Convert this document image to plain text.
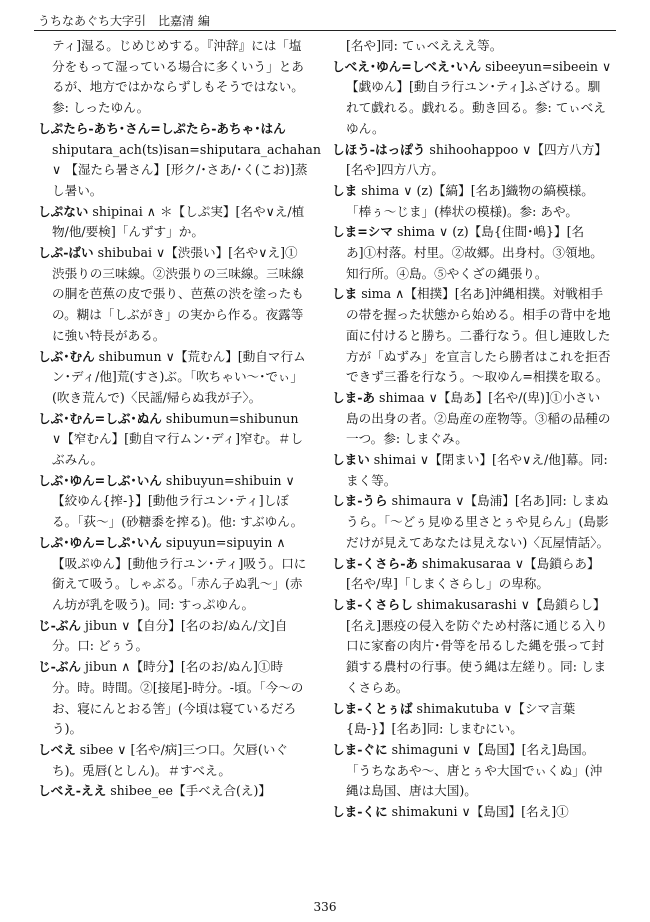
うちなあぐち大字引　比嘉清 編

ティ]湿る。じめじめする。『沖辞』には「塩分をもって湿っている場合に多くいう」とあるが、地方ではかならずしもそうではない。参: しったゆん。

しぷたら-あち･さん=しぷたら-あちゃ･はん shiputara_ach(ts)isan=shiputara_achahan ∨ 【湿たら暑さん】[形ク/･さあ/･く(こお)]蒸し暑い。

しぷない shipinai ∧ ＊【しぷ実】[名や∨え/植物/他/要検]「んずす」か。

しぷ-ばい shibubai ∨【渋張い】[名や∨え]①渋張りの三味線。②渋張りの三味線。三味線の胴を芭蕉の皮で張り、芭蕉の渋を塗ったもの。糊は「しぶがき」の実から作る。夜露等に強い特長がある。

しぶ･むん shibumun ∨【荒むん】[動自マ行ムン･ディ/他]荒(すさ)ぶ。「吹ちゃい～･でぃ」(吹き荒んで)〈民謡/帰らぬ我が子〉。

しぶ･むん=しぶ･ぬん shibumun=shibunun ∨【窄むん】[動自マ行ムン･ディ]窄む。＃しぶみん。

しぶ･ゆん=しぶ･いん shibuyun=shibuin ∨【絞ゆん{搾-}】[動他ラ行ユン･ティ]しぼる。「荻～」(砂糖黍を搾る)。他: すぶゆん。

しぷ･ゆん=しぷ･いん sipuyun=sipuyin ∧【吸ぷゆん】[動他ラ行ユン･ティ]吸う。口に銜えて吸う。しゃぶる。「赤ん子ぬ乳～」(赤ん坊が乳を吸う)。同: すっぷゆん。

じ-ぶん jibun ∨【自分】[名のお/ぬん/文]自分。口: どぅう。

じ-ぶん jibun ∧【時分】[名のお/ぬん]①時分。時。時間。②[接尾]-時分。-頃。「今～のお、寝にんとおる筈」(今頃は寝ているだろう)。

しべえ sibee ∨ [名や/病]三つ口。欠唇(いぐち)。兎唇(としん)。＃すべえ。

しべえ-ええ shibee_ee【手べえ合(え)】

[名や]同: てぃべえええ等。

しべえ･ゆん=しべえ･いん sibeeyun=sibeein ∨【戯ゆん】[動自ラ行ユン･ティ]ふざける。馴れて戯れる。戯れる。動き回る。参: てぃべえゆん。

しほう-はっぽう shihoohappoo ∨【四方八方】[名や]四方八方。

しま shima ∨ (z)【縞】[名あ]織物の縞模様。「棒ぅ～じま」(棒状の模様)。参: あや。

しま=シマ shima ∨ (z)【島{住間･嶋}】[名あ]①村落。村里。②故郷。出身村。③領地。知行所。④島。⑤やくざの縄張り。

しま sima ∧【相撲】[名あ]沖縄相撲。対戦相手の帯を握った状態から始める。相手の背中を地面に付けると勝ち。二番行なう。但し連敗した方が「ぬずみ」を宣言したら勝者はこれを拒否できず三番を行なう。～取ゆん=相撲を取る。

しま-あ shimaa ∨【島あ】[名や/(卑)]①小さい島の出身の者。②島産の産物等。③稲の品種の一つ。参: しまぐみ。

しまい shimai ∨【閉まい】[名や∨え/他]幕。同: まく等。

しま-うら shimaura ∨【島浦】[名あ]同: しまぬうら。「～どぅ見ゆる里さとぅや見らん」(島影だけが見えてあなたは見えない)〈瓦屋情話〉。

しま-くさら-あ shimakusaraa ∨【島鎖らあ】[名や/卑]「しまくさらし」の卑称。

しま-くさらし shimakusarashi ∨【島鎖らし】[名え]悪疫の侵入を防ぐため村落に通じる入り口に家畜の肉片･骨等を吊るした縄を張って封鎖する農村の行事。使う縄は左縒り。同: しまくさらあ。

しま-くとぅば shimakutuba ∨【シマ言葉{島-}】[名あ]同: しまむにい。

しま-ぐに shimaguni ∨【島国】[名え]島国。「うちなあや～、唐とぅや大国でぃくぬ」(沖縄は島国、唐は大国)。

しま-くに shimakuni ∨【島国】[名え]①

336
